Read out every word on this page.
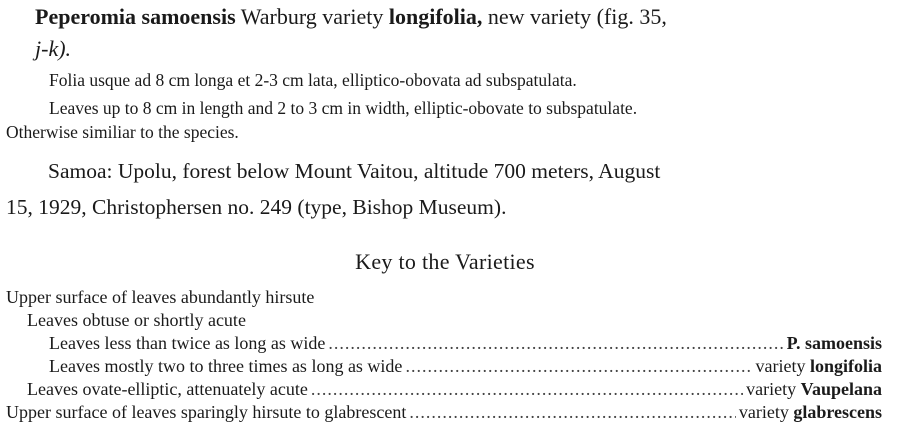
Peperomia samoensis Warburg variety longifolia, new variety (fig. 35,
j-k).
Folia usque ad 8 cm longa et 2-3 cm lata, elliptico-obovata ad subspatulata.
Leaves up to 8 cm in length and 2 to 3 cm in width, elliptic-obovate to subspatulate.
Otherwise similiar to the species.
Samoa: Upolu, forest below Mount Vaitou, altitude 700 meters, August
15, 1929, Christophersen no. 249 (type, Bishop Museum).
Key to the Varieties
Upper surface of leaves abundantly hirsute
Leaves obtuse or shortly acute
Leaves less than twice as long as wide .....	P. samoensis
Leaves mostly two to three times as long as wide .....	variety longifolia
Leaves ovate-elliptic, attenuately acute .....	variety Vaupelana
Upper surface of leaves sparingly hirsute to glabrescent .....	variety glabrescens
